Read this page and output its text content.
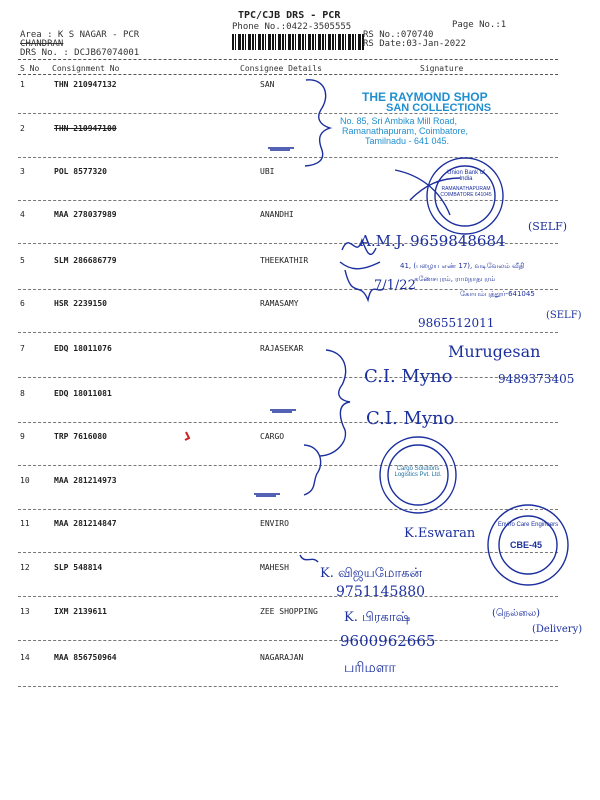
Area : K S NAGAR - PCR
CHANDRAN
DRS No. : DCJB67074001
TPC/CJB DRS - PCR
Phone No.:0422-3505555
RS No.:070740
RS Date:03-Jan-2022
Page No.:1
S No Consignment No	Consignee Details	Signature
1	THN 210947132	SAN
2	THN 210947100
3	POL 8577320	UBI
4	MAA 278037989	ANANDHI
5	SLM 286686779	THEEKATHIR
6	HSR 2239150	RAMASAMY
7	EDQ 18011076	RAJASEKAR
8	EDQ 18011081
9	TRP 7616080	CARGO
10	MAA 281214973
11	MAA 281214847	ENVIRO
12	SLP 548814	MAHESH
13	IXM 2139611	ZEE SHOPPING
14	MAA 856750964	NAGARAJAN
THE RAYMOND SHOP
SAN COLLECTIONS
No. 85, Sri Ambika Mill Road,
Ramanathapuram, Coimbatore,
Tamilnadu - 641 045.
Union Bank of India
RAMANATHAPURAM COIMBATORE 641045
41, (பழைய எண் 17), வடிவேலம் வீதி
கணேசபுரம், ராமநாதபுரம்
கோயம்புத்தூர்-641045
Cargo Solutions Logistics Pvt. Ltd.
Enviro Care Engineers
CBE-45
A.M.J. 9659848684
(SELF)
7/1/22
9865512011
(SELF)
Murugesan
C.I. Myno	9489373405
C.I. Myno
K.Eswaran
K. விஜயமோகன்
9751145880
K. பிரகாஷ்
9600962665
(நெல்லை)
(Delivery)
பரிமளா
